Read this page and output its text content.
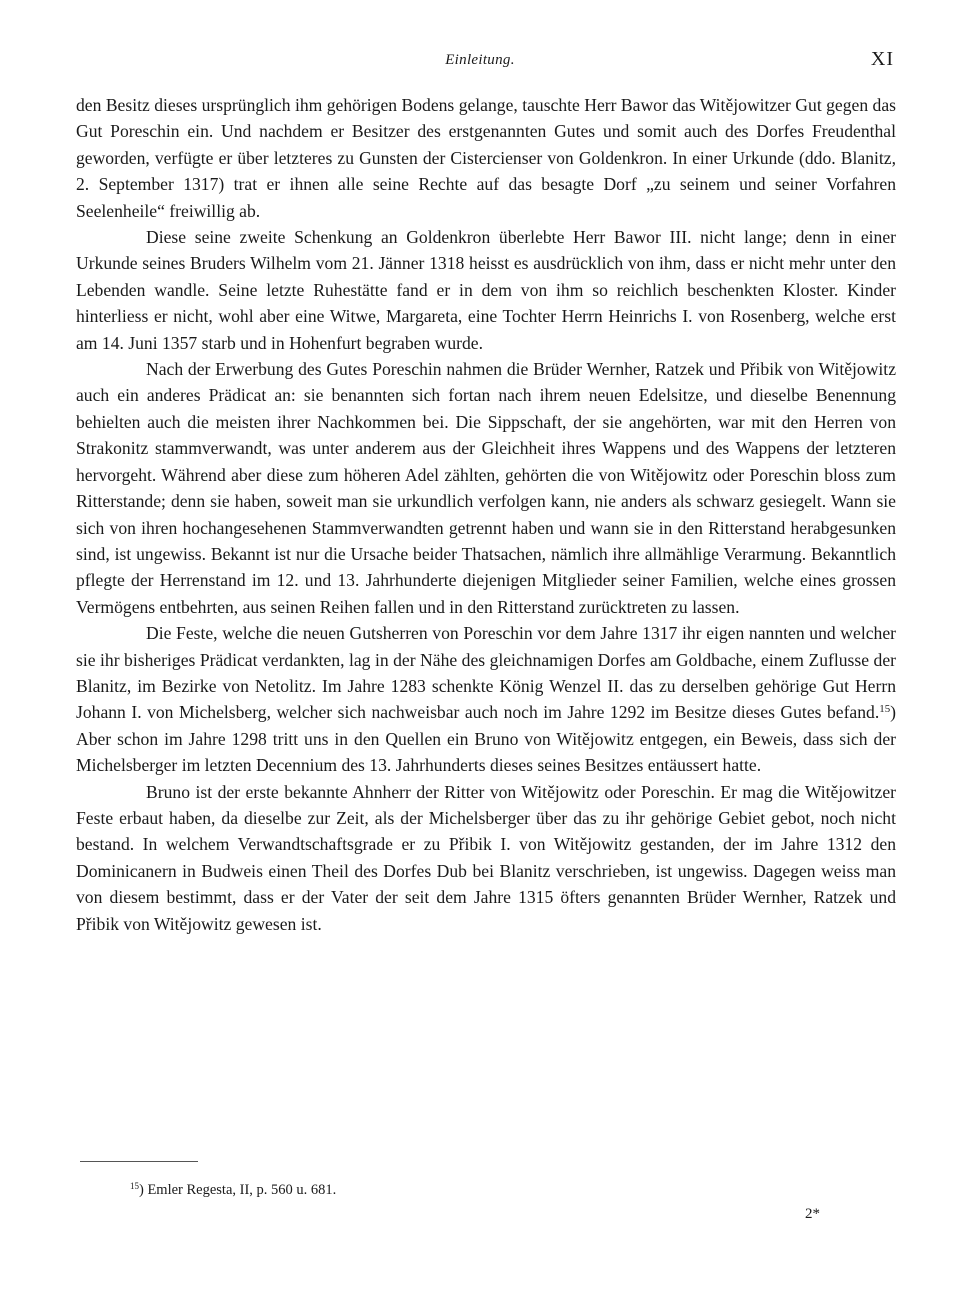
Einleitung.	XI

den Besitz dieses ursprünglich ihm gehörigen Bodens gelange, tauschte Herr Bawor das Witějowitzer Gut gegen das Gut Poreschin ein. Und nachdem er Besitzer des erstgenannten Gutes und somit auch des Dorfes Freudenthal geworden, verfügte er über letzteres zu Gunsten der Cistercienser von Goldenkron. In einer Urkunde (ddo. Blanitz, 2. September 1317) trat er ihnen alle seine Rechte auf das besagte Dorf „zu seinem und seiner Vorfahren Seelenheile“ freiwillig ab.

Diese seine zweite Schenkung an Goldenkron überlebte Herr Bawor III. nicht lange; denn in einer Urkunde seines Bruders Wilhelm vom 21. Jänner 1318 heisst es ausdrücklich von ihm, dass er nicht mehr unter den Lebenden wandle. Seine letzte Ruhestätte fand er in dem von ihm so reichlich beschenkten Kloster. Kinder hinterliess er nicht, wohl aber eine Witwe, Margareta, eine Tochter Herrn Heinrichs I. von Rosenberg, welche erst am 14. Juni 1357 starb und in Hohenfurt begraben wurde.

Nach der Erwerbung des Gutes Poreschin nahmen die Brüder Wernher, Ratzek und Přibik von Witějowitz auch ein anderes Prädicat an: sie benannten sich fortan nach ihrem neuen Edelsitze, und dieselbe Benennung behielten auch die meisten ihrer Nachkommen bei. Die Sippschaft, der sie angehörten, war mit den Herren von Strakonitz stammverwandt, was unter anderem aus der Gleichheit ihres Wappens und des Wappens der letzteren hervorgeht. Während aber diese zum höheren Adel zählten, gehörten die von Witějowitz oder Poreschin bloss zum Ritterstande; denn sie haben, soweit man sie urkundlich verfolgen kann, nie anders als schwarz gesiegelt. Wann sie sich von ihren hochangesehenen Stammverwandten getrennt haben und wann sie in den Ritterstand herabgesunken sind, ist ungewiss. Bekannt ist nur die Ursache beider Thatsachen, nämlich ihre allmählige Verarmung. Bekanntlich pflegte der Herrenstand im 12. und 13. Jahrhunderte diejenigen Mitglieder seiner Familien, welche eines grossen Vermögens entbehrten, aus seinen Reihen fallen und in den Ritterstand zurücktreten zu lassen.

Die Feste, welche die neuen Gutsherren von Poreschin vor dem Jahre 1317 ihr eigen nannten und welcher sie ihr bisheriges Prädicat verdankten, lag in der Nähe des gleichnamigen Dorfes am Goldbache, einem Zuflusse der Blanitz, im Bezirke von Netolitz. Im Jahre 1283 schenkte König Wenzel II. das zu derselben gehörige Gut Herrn Johann I. von Michelsberg, welcher sich nachweisbar auch noch im Jahre 1292 im Besitze dieses Gutes befand.$^{15}$) Aber schon im Jahre 1298 tritt uns in den Quellen ein Bruno von Witějowitz entgegen, ein Beweis, dass sich der Michelsberger im letzten Decennium des 13. Jahrhunderts dieses seines Besitzes entäussert hatte.

Bruno ist der erste bekannte Ahnherr der Ritter von Witějowitz oder Poreschin. Er mag die Witějowitzer Feste erbaut haben, da dieselbe zur Zeit, als der Michelsberger über das zu ihr gehörige Gebiet gebot, noch nicht bestand. In welchem Verwandtschaftsgrade er zu Přibik I. von Witějowitz gestanden, der im Jahre 1312 den Dominicanern in Budweis einen Theil des Dorfes Dub bei Blanitz verschrieben, ist ungewiss. Dagegen weiss man von diesem bestimmt, dass er der Vater der seit dem Jahre 1315 öfters genannten Brüder Wernher, Ratzek und Přibik von Witějowitz gewesen ist.

$^{15}$) Emler Regesta, II, p. 560 u. 681.
2*
